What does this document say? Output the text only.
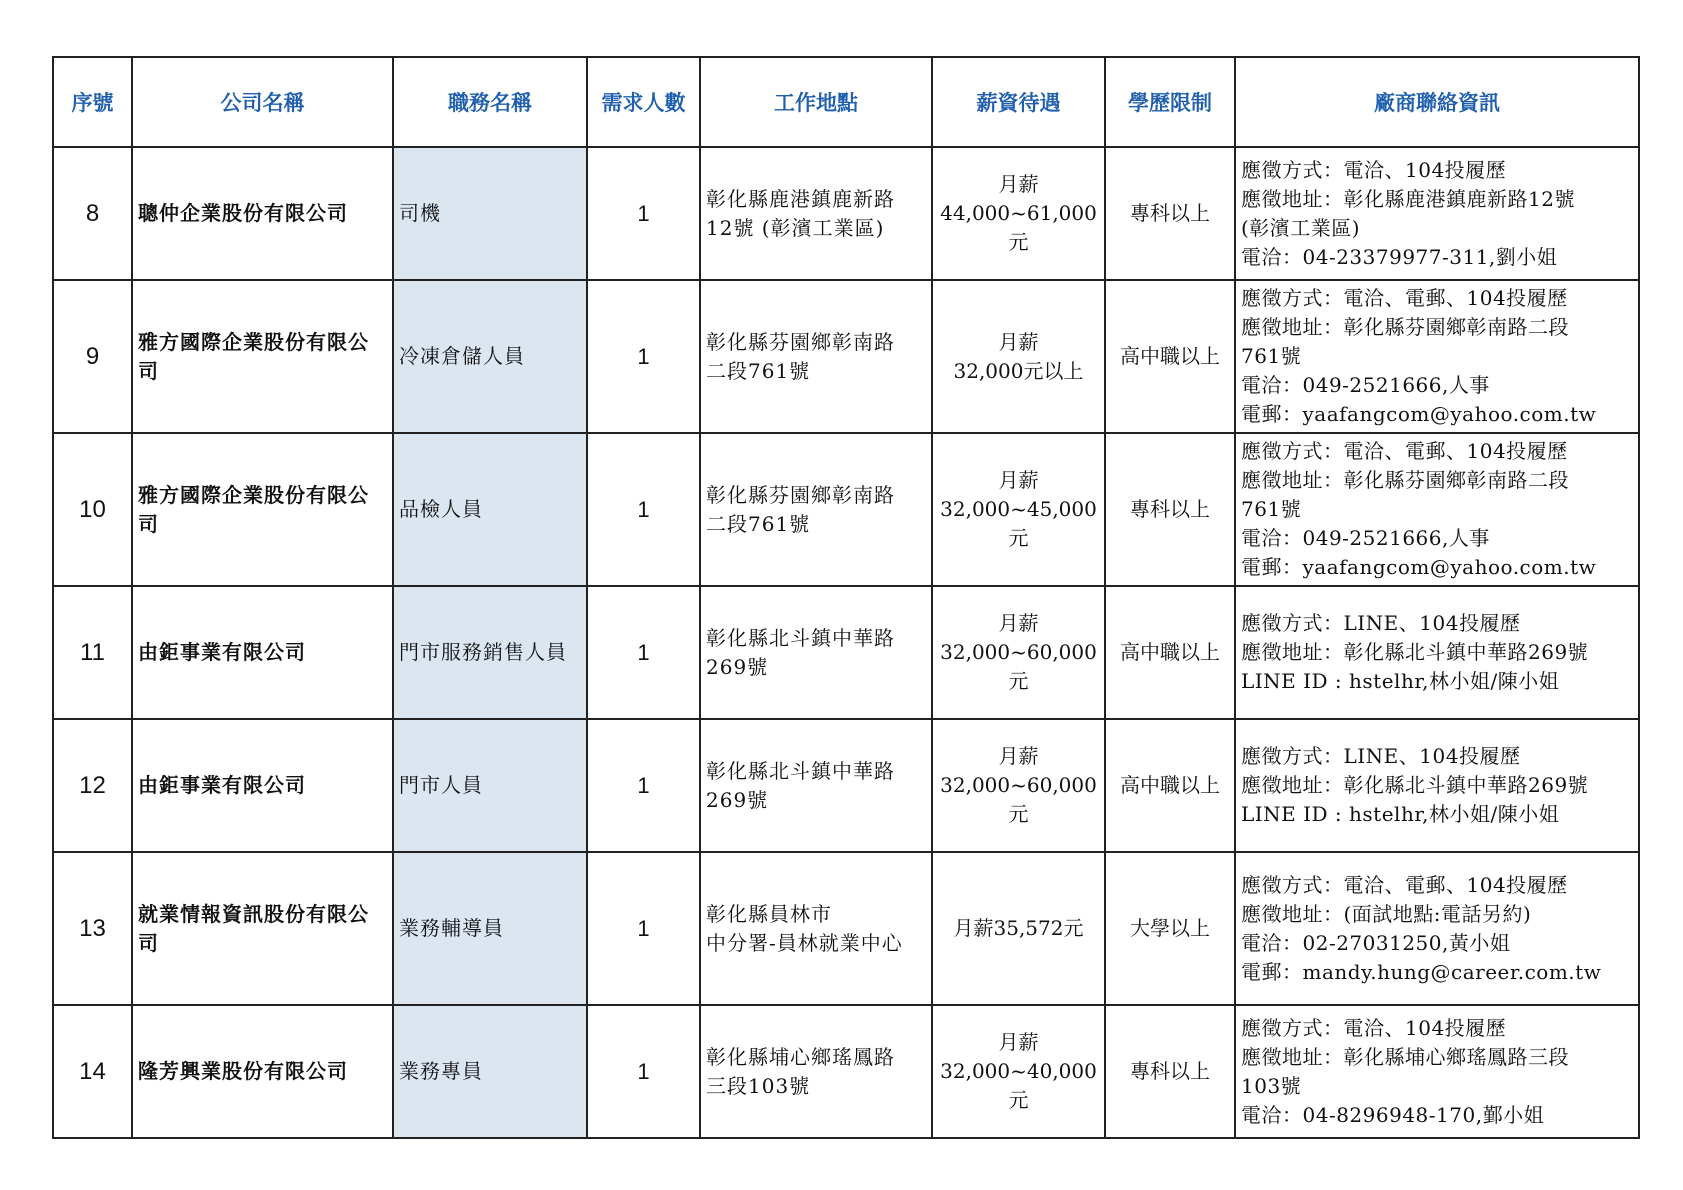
序號	公司名稱	職務名稱	需求人數	工作地點	薪資待遇	學歷限制	廠商聯絡資訊
8	聰仲企業股份有限公司	司機	1	彰化縣鹿港鎮鹿新路
12號 (彰濱工業區)	月薪
44,000~61,000
元	專科以上	應徵方式：電洽、104投履歷
應徵地址：彰化縣鹿港鎮鹿新路12號
(彰濱工業區)
電洽：04-23379977-311,劉小姐
9	雅方國際企業股份有限公司	冷凍倉儲人員	1	彰化縣芬園鄉彰南路
二段761號	月薪
32,000元以上	高中職以上	應徵方式：電洽、電郵、104投履歷
應徵地址：彰化縣芬園鄉彰南路二段
761號
電洽：049-2521666,人事
電郵：yaafangcom@yahoo.com.tw
10	雅方國際企業股份有限公司	品檢人員	1	彰化縣芬園鄉彰南路
二段761號	月薪
32,000~45,000
元	專科以上	應徵方式：電洽、電郵、104投履歷
應徵地址：彰化縣芬園鄉彰南路二段
761號
電洽：049-2521666,人事
電郵：yaafangcom@yahoo.com.tw
11	由鉅事業有限公司	門市服務銷售人員	1	彰化縣北斗鎮中華路
269號	月薪
32,000~60,000
元	高中職以上	應徵方式：LINE、104投履歷
應徵地址：彰化縣北斗鎮中華路269號
LINE ID : hstelhr,林小姐/陳小姐
12	由鉅事業有限公司	門市人員	1	彰化縣北斗鎮中華路
269號	月薪
32,000~60,000
元	高中職以上	應徵方式：LINE、104投履歷
應徵地址：彰化縣北斗鎮中華路269號
LINE ID : hstelhr,林小姐/陳小姐
13	就業情報資訊股份有限公司	業務輔導員	1	彰化縣員林市
中分署-員林就業中心	月薪35,572元	大學以上	應徵方式：電洽、電郵、104投履歷
應徵地址：(面試地點:電話另約)
電洽：02-27031250,黃小姐
電郵：mandy.hung@career.com.tw
14	隆芳興業股份有限公司	業務專員	1	彰化縣埔心鄉瑤鳳路
三段103號	月薪
32,000~40,000
元	專科以上	應徵方式：電洽、104投履歷
應徵地址：彰化縣埔心鄉瑤鳳路三段
103號
電洽：04-8296948-170,鄞小姐
